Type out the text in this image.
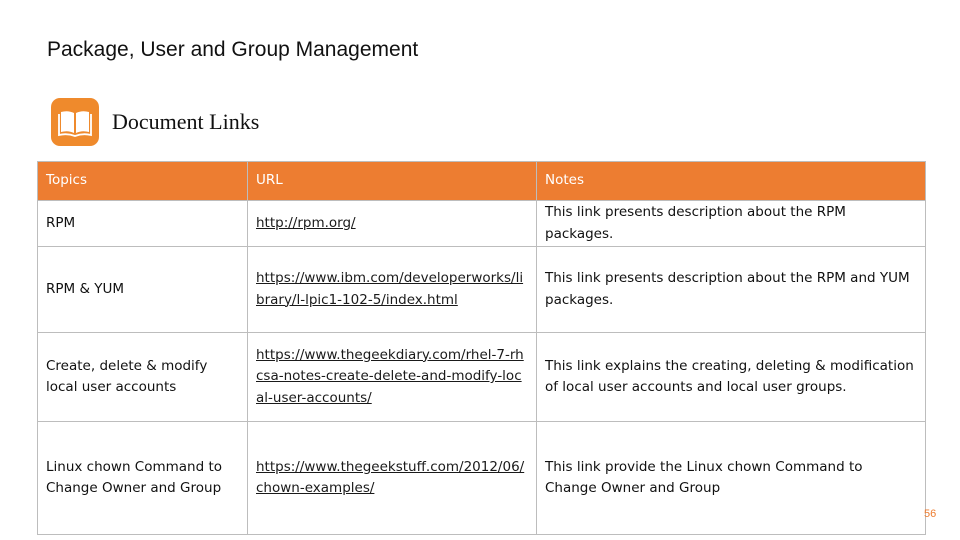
Package, User and Group Management
Document Links
Topics	URL	Notes
RPM	http://rpm.org/	This link presents description about the RPM packages.
RPM & YUM	https://www.ibm.com/developerworks/library/l-lpic1-102-5/index.html	This link presents description about the RPM and YUM packages.
Create, delete & modify local user accounts	https://www.thegeekdiary.com/rhel-7-rhcsa-notes-create-delete-and-modify-local-user-accounts/	This link explains the creating, deleting & modification of local user accounts and local user groups.
Linux chown Command to Change Owner and Group	https://www.thegeekstuff.com/2012/06/chown-examples/	This link provide the Linux chown Command to Change Owner and Group
56
